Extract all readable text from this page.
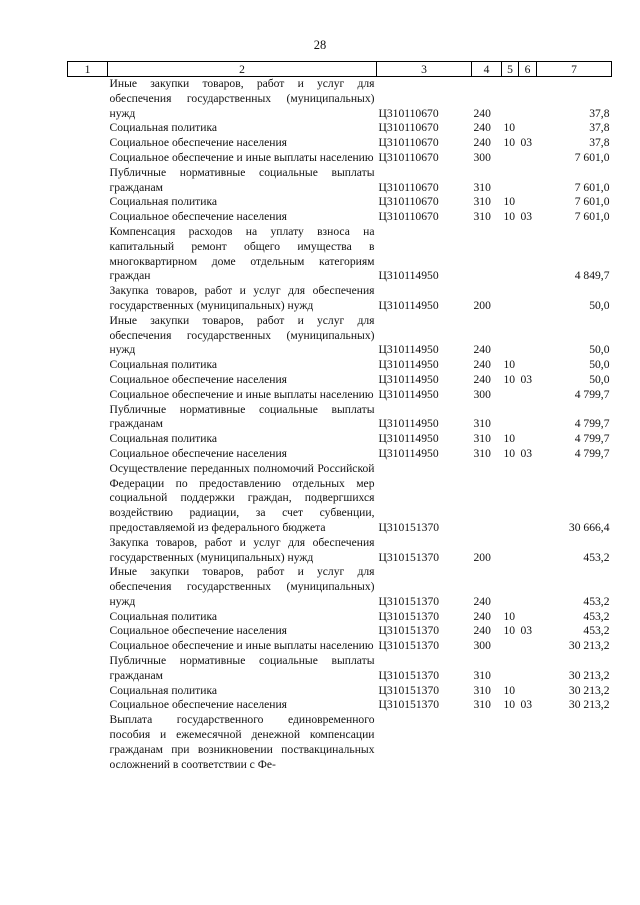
28
1	2	3	4	5	6	7
	Иные закупки товаров, работ и услуг для обеспечения государственных (муниципальных) нужд	Ц310110670	240			37,8
	Социальная политика	Ц310110670	240	10		37,8
	Социальное обеспечение населения	Ц310110670	240	10	03	37,8
	Социальное обеспечение и иные выплаты населению	Ц310110670	300			7 601,0
	Публичные нормативные социальные выплаты гражданам	Ц310110670	310			7 601,0
	Социальная политика	Ц310110670	310	10		7 601,0
	Социальное обеспечение населения	Ц310110670	310	10	03	7 601,0
	Компенсация расходов на уплату взноса на капитальный ремонт общего имущества в многоквартирном доме отдельным категориям граждан	Ц310114950				4 849,7
	Закупка товаров, работ и услуг для обеспечения государственных (муниципальных) нужд	Ц310114950	200			50,0
	Иные закупки товаров, работ и услуг для обеспечения государственных (муниципальных) нужд	Ц310114950	240			50,0
	Социальная политика	Ц310114950	240	10		50,0
	Социальное обеспечение населения	Ц310114950	240	10	03	50,0
	Социальное обеспечение и иные выплаты населению	Ц310114950	300			4 799,7
	Публичные нормативные социальные выплаты гражданам	Ц310114950	310			4 799,7
	Социальная политика	Ц310114950	310	10		4 799,7
	Социальное обеспечение населения	Ц310114950	310	10	03	4 799,7
	Осуществление переданных полномочий Российской Федерации по предоставлению отдельных мер социальной поддержки граждан, подвергшихся воздействию радиации, за счет субвенции, предоставляемой из федерального бюджета	Ц310151370				30 666,4
	Закупка товаров, работ и услуг для обеспечения государственных (муниципальных) нужд	Ц310151370	200			453,2
	Иные закупки товаров, работ и услуг для обеспечения государственных (муниципальных) нужд	Ц310151370	240			453,2
	Социальная политика	Ц310151370	240	10		453,2
	Социальное обеспечение населения	Ц310151370	240	10	03	453,2
	Социальное обеспечение и иные выплаты населению	Ц310151370	300			30 213,2
	Публичные нормативные социальные выплаты гражданам	Ц310151370	310			30 213,2
	Социальная политика	Ц310151370	310	10		30 213,2
	Социальное обеспечение населения	Ц310151370	310	10	03	30 213,2
	Выплата государственного единовременного пособия и ежемесячной денежной компенсации гражданам при возникновении поствакцинальных осложнений в соответствии с Фе-					
